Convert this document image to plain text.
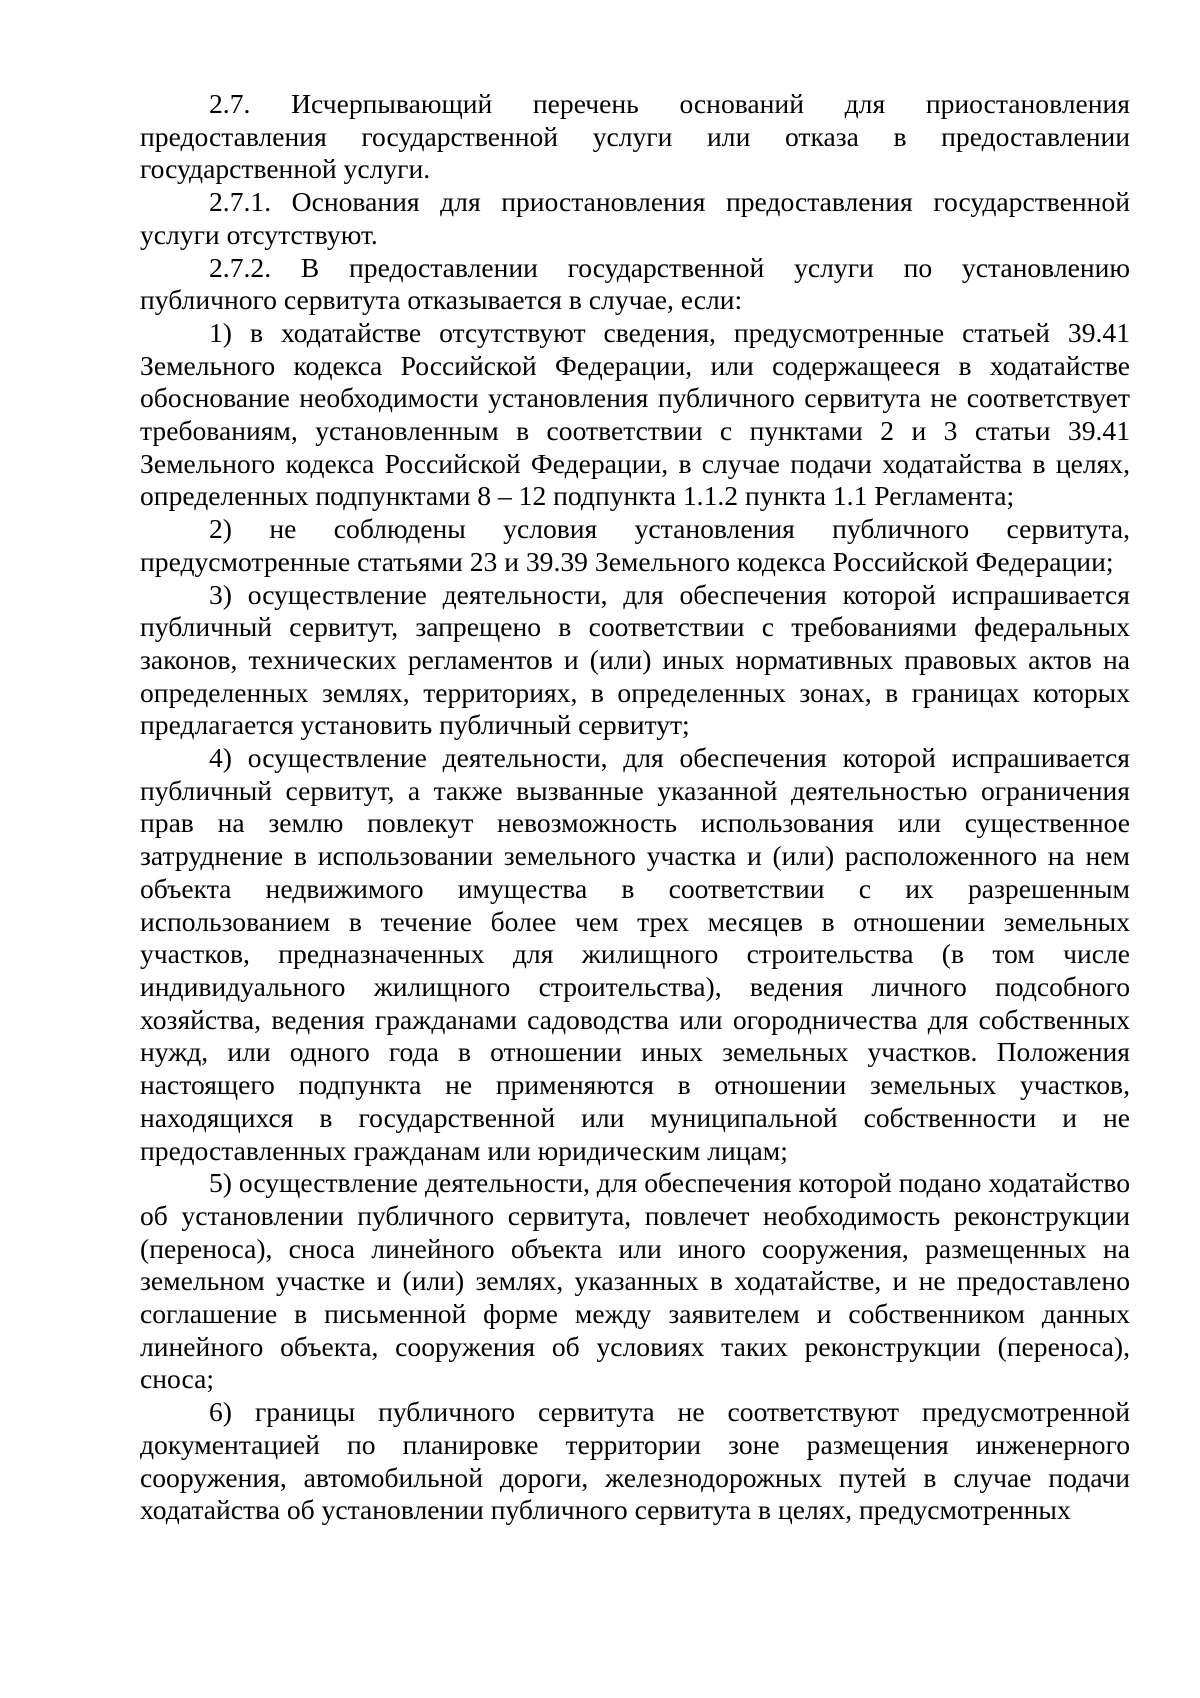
2.7. Исчерпывающий перечень оснований для приостановления предоставления государственной услуги или отказа в предоставлении государственной услуги.

2.7.1. Основания для приостановления предоставления государственной услуги отсутствуют.

2.7.2. В предоставлении государственной услуги по установлению публичного сервитута отказывается в случае, если:

1) в ходатайстве отсутствуют сведения, предусмотренные статьей 39.41 Земельного кодекса Российской Федерации, или содержащееся в ходатайстве обоснование необходимости установления публичного сервитута не соответствует требованиям, установленным в соответствии с пунктами 2 и 3 статьи 39.41 Земельного кодекса Российской Федерации, в случае подачи ходатайства в целях, определенных подпунктами 8 – 12 подпункта 1.1.2 пункта 1.1 Регламента;

2) не соблюдены условия установления публичного сервитута, предусмотренные статьями 23 и 39.39 Земельного кодекса Российской Федерации;

3) осуществление деятельности, для обеспечения которой испрашивается публичный сервитут, запрещено в соответствии с требованиями федеральных законов, технических регламентов и (или) иных нормативных правовых актов на определенных землях, территориях, в определенных зонах, в границах которых предлагается установить публичный сервитут;

4) осуществление деятельности, для обеспечения которой испрашивается публичный сервитут, а также вызванные указанной деятельностью ограничения прав на землю повлекут невозможность использования или существенное затруднение в использовании земельного участка и (или) расположенного на нем объекта недвижимого имущества в соответствии с их разрешенным использованием в течение более чем трех месяцев в отношении земельных участков, предназначенных для жилищного строительства (в том числе индивидуального жилищного строительства), ведения личного подсобного хозяйства, ведения гражданами садоводства или огородничества для собственных нужд, или одного года в отношении иных земельных участков. Положения настоящего подпункта не применяются в отношении земельных участков, находящихся в государственной или муниципальной собственности и не предоставленных гражданам или юридическим лицам;

5) осуществление деятельности, для обеспечения которой подано ходатайство об установлении публичного сервитута, повлечет необходимость реконструкции (переноса), сноса линейного объекта или иного сооружения, размещенных на земельном участке и (или) землях, указанных в ходатайстве, и не предоставлено соглашение в письменной форме между заявителем и собственником данных линейного объекта, сооружения об условиях таких реконструкции (переноса), сноса;

6) границы публичного сервитута не соответствуют предусмотренной документацией по планировке территории зоне размещения инженерного сооружения, автомобильной дороги, железнодорожных путей в случае подачи ходатайства об установлении публичного сервитута в целях, предусмотренных
